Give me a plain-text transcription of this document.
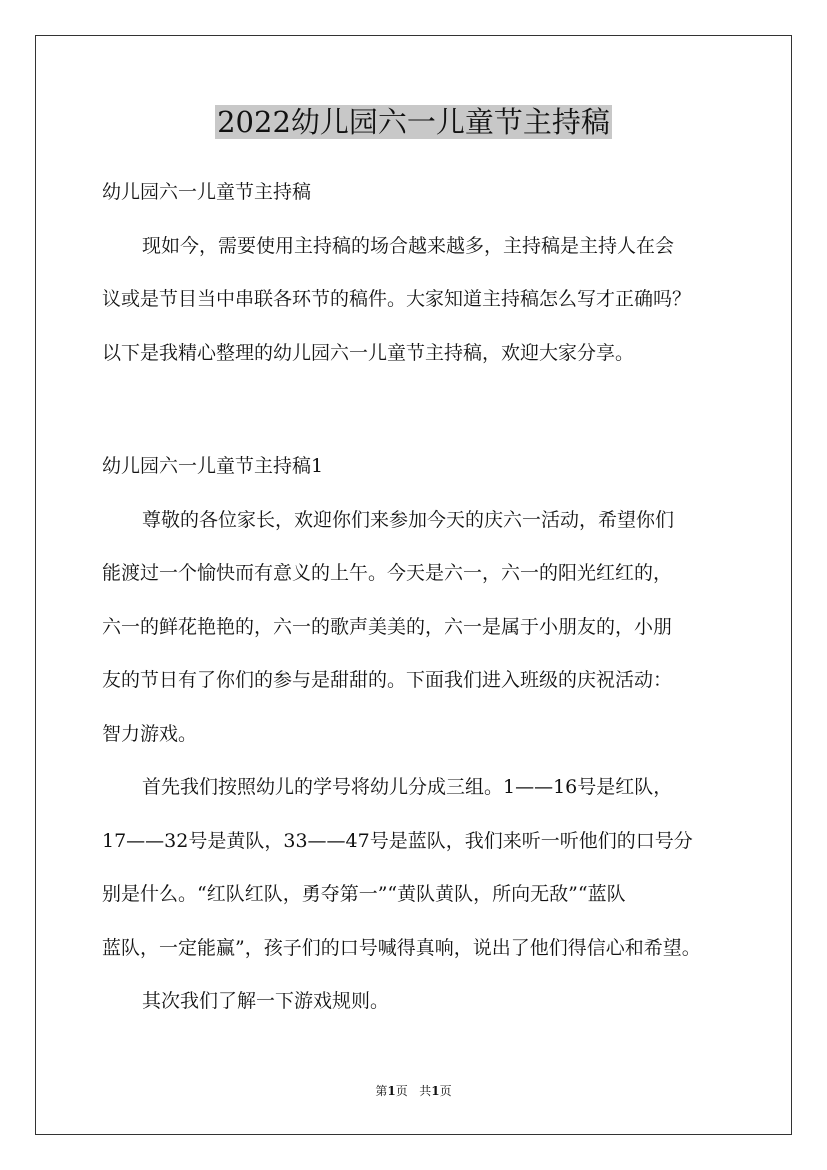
2022幼儿园六一儿童节主持稿
幼儿园六一儿童节主持稿
现如今，需要使用主持稿的场合越来越多，主持稿是主持人在会
议或是节目当中串联各环节的稿件。大家知道主持稿怎么写才正确吗？
以下是我精心整理的幼儿园六一儿童节主持稿，欢迎大家分享。
幼儿园六一儿童节主持稿1
尊敬的各位家长，欢迎你们来参加今天的庆六一活动，希望你们
能渡过一个愉快而有意义的上午。今天是六一，六一的阳光红红的，
六一的鲜花艳艳的，六一的歌声美美的，六一是属于小朋友的，小朋
友的节日有了你们的参与是甜甜的。下面我们进入班级的庆祝活动：
智力游戏。
首先我们按照幼儿的学号将幼儿分成三组。1——16号是红队，
17——32号是黄队，33——47号是蓝队，我们来听一听他们的口号分
别是什么。“红队红队，勇夺第一”“黄队黄队，所向无敌”“蓝队
蓝队，一定能赢”，孩子们的口号喊得真响，说出了他们得信心和希望。
其次我们了解一下游戏规则。
第1页 共1页
